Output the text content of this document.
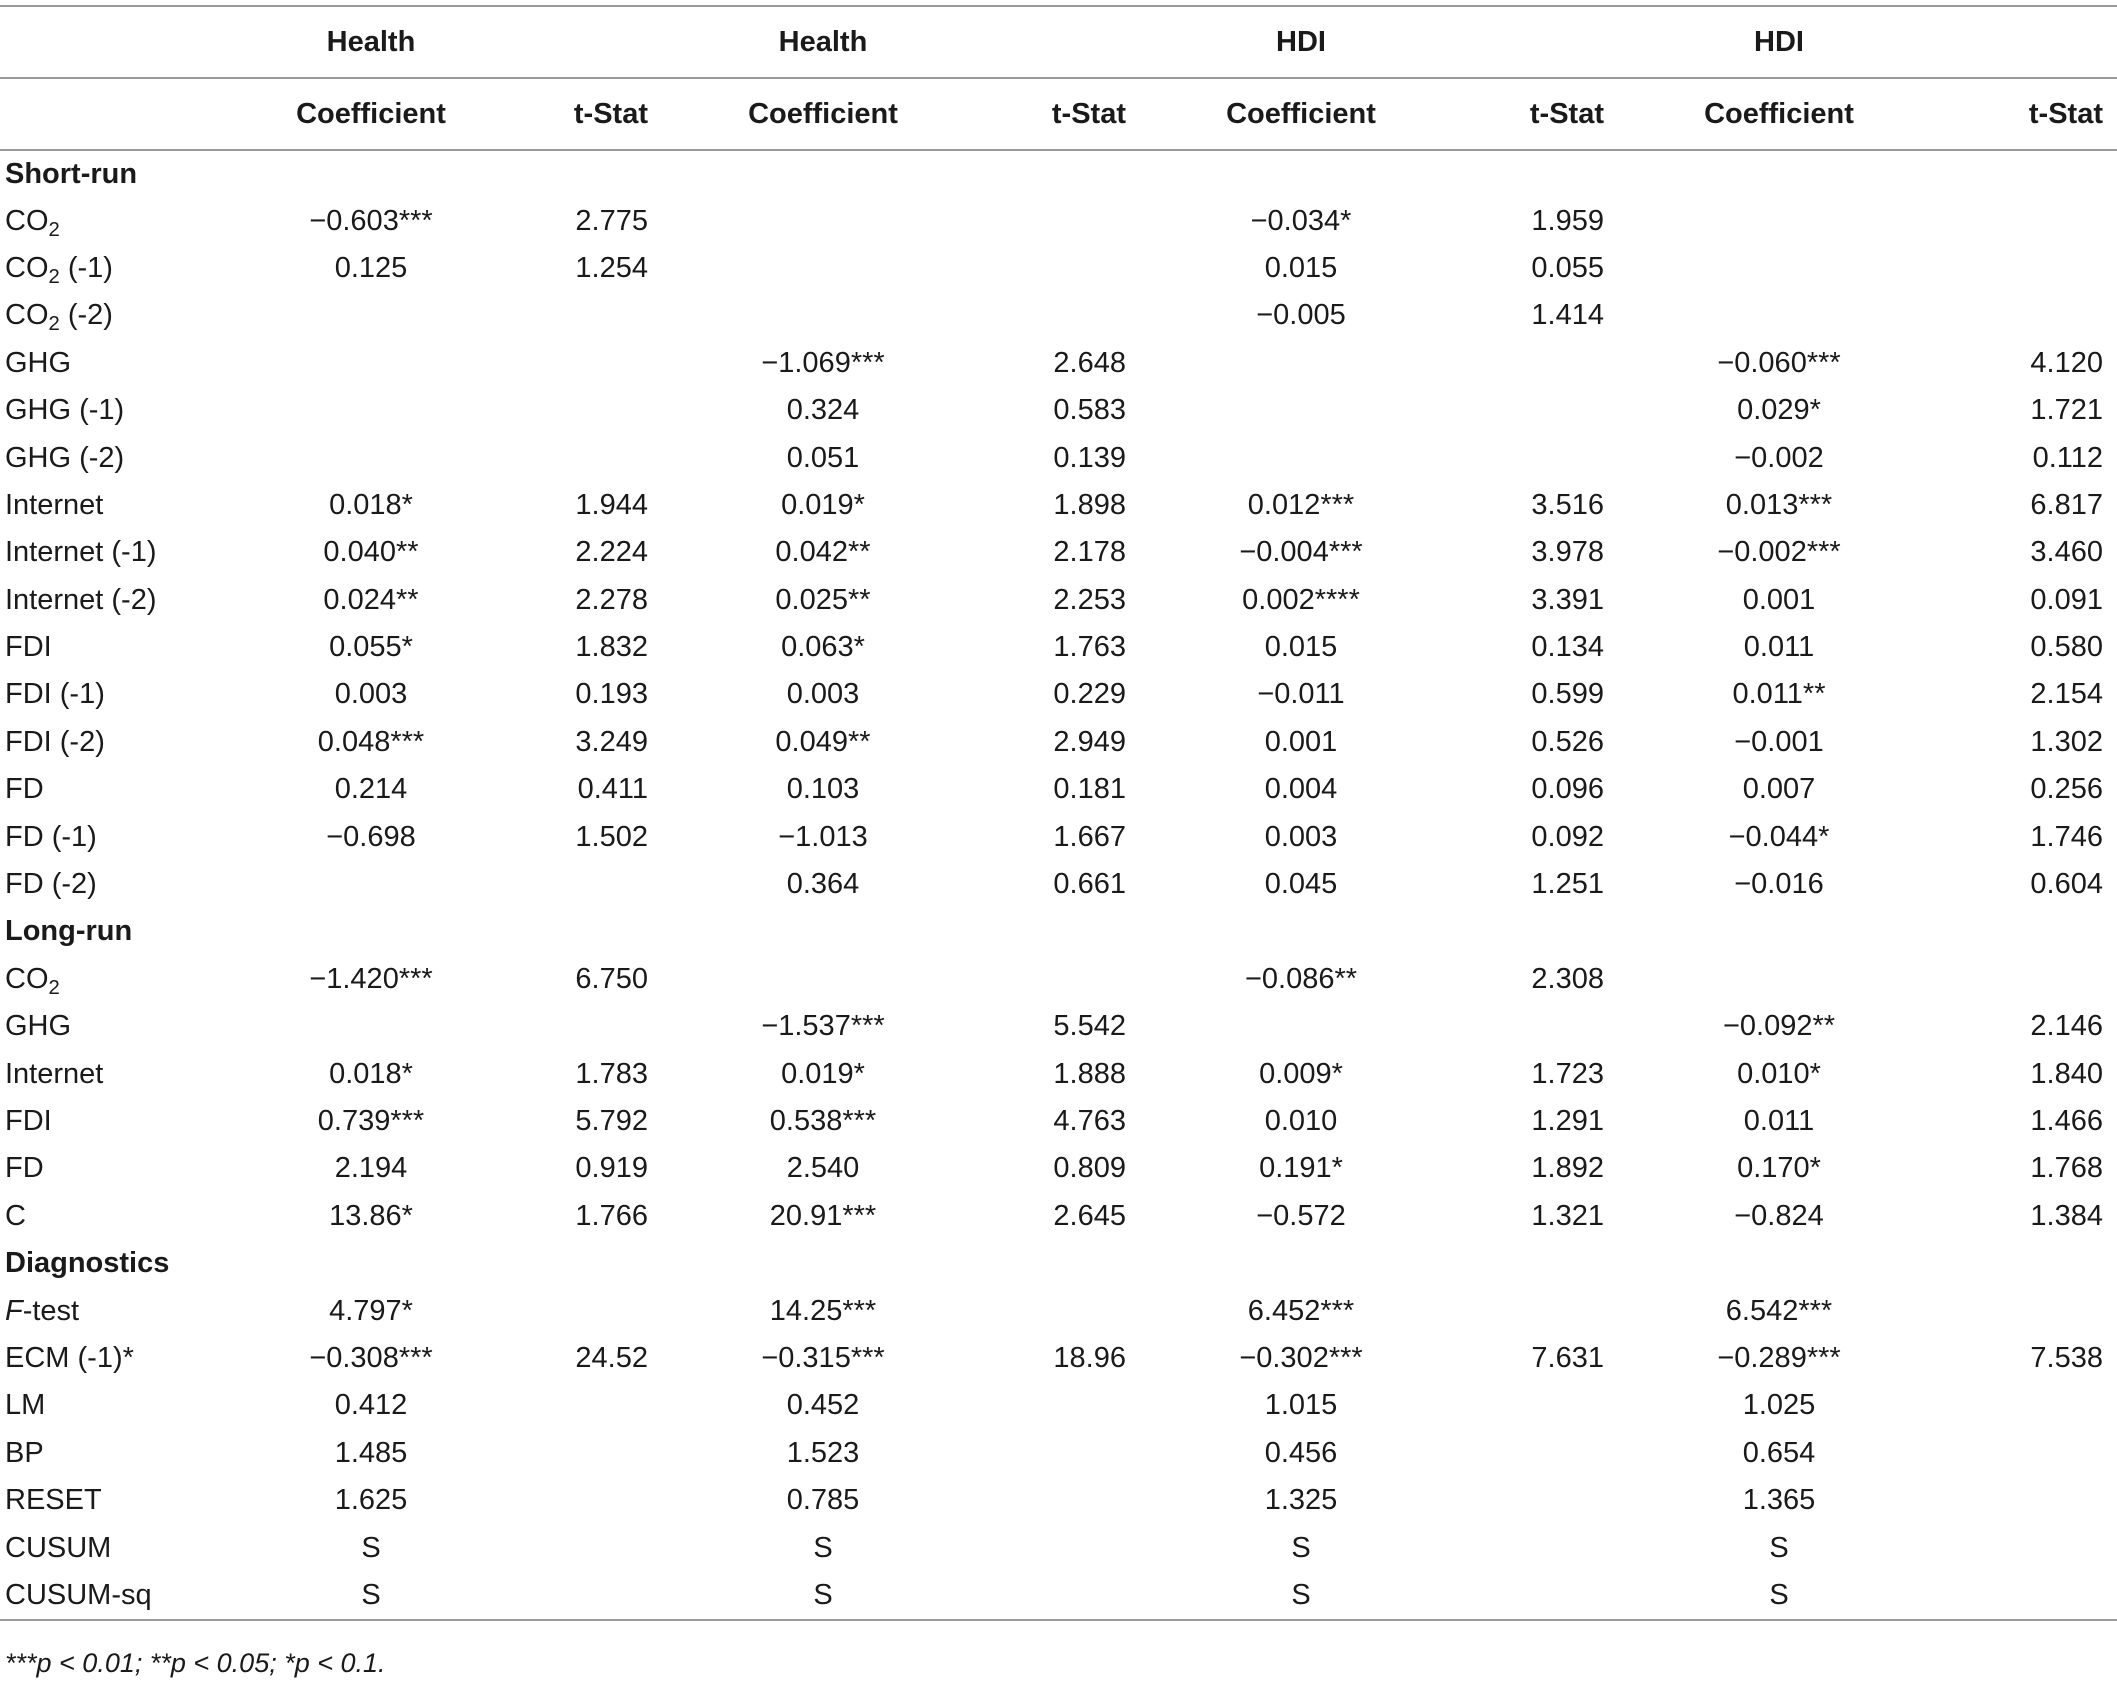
	Health		Health		HDI		HDI	
	Coefficient	t-Stat	Coefficient	t-Stat	Coefficient	t-Stat	Coefficient	t-Stat
Short-run								
$CO_2$	−0.603***	2.775			−0.034*	1.959		
$CO_2$ (-1)	0.125	1.254			0.015	0.055		
$CO_2$ (-2)					−0.005	1.414		
GHG			−1.069***	2.648			−0.060***	4.120
GHG (-1)			0.324	0.583			0.029*	1.721
GHG (-2)			0.051	0.139			−0.002	0.112
Internet	0.018*	1.944	0.019*	1.898	0.012***	3.516	0.013***	6.817
Internet (-1)	0.040**	2.224	0.042**	2.178	−0.004***	3.978	−0.002***	3.460
Internet (-2)	0.024**	2.278	0.025**	2.253	0.002****	3.391	0.001	0.091
FDI	0.055*	1.832	0.063*	1.763	0.015	0.134	0.011	0.580
FDI (-1)	0.003	0.193	0.003	0.229	−0.011	0.599	0.011**	2.154
FDI (-2)	0.048***	3.249	0.049**	2.949	0.001	0.526	−0.001	1.302
FD	0.214	0.411	0.103	0.181	0.004	0.096	0.007	0.256
FD (-1)	−0.698	1.502	−1.013	1.667	0.003	0.092	−0.044*	1.746
FD (-2)			0.364	0.661	0.045	1.251	−0.016	0.604
Long-run								
$CO_2$	−1.420***	6.750			−0.086**	2.308		
GHG			−1.537***	5.542			−0.092**	2.146
Internet	0.018*	1.783	0.019*	1.888	0.009*	1.723	0.010*	1.840
FDI	0.739***	5.792	0.538***	4.763	0.010	1.291	0.011	1.466
FD	2.194	0.919	2.540	0.809	0.191*	1.892	0.170*	1.768
C	13.86*	1.766	20.91***	2.645	−0.572	1.321	−0.824	1.384
Diagnostics								
F-test	4.797*		14.25***		6.452***		6.542***	
ECM (-1)*	−0.308***	24.52	−0.315***	18.96	−0.302***	7.631	−0.289***	7.538
LM	0.412		0.452		1.015		1.025	
BP	1.485		1.523		0.456		0.654	
RESET	1.625		0.785		1.325		1.365	
CUSUM	S		S		S		S	
CUSUM-sq	S		S		S		S	
***p < 0.01; **p < 0.05; *p < 0.1.
